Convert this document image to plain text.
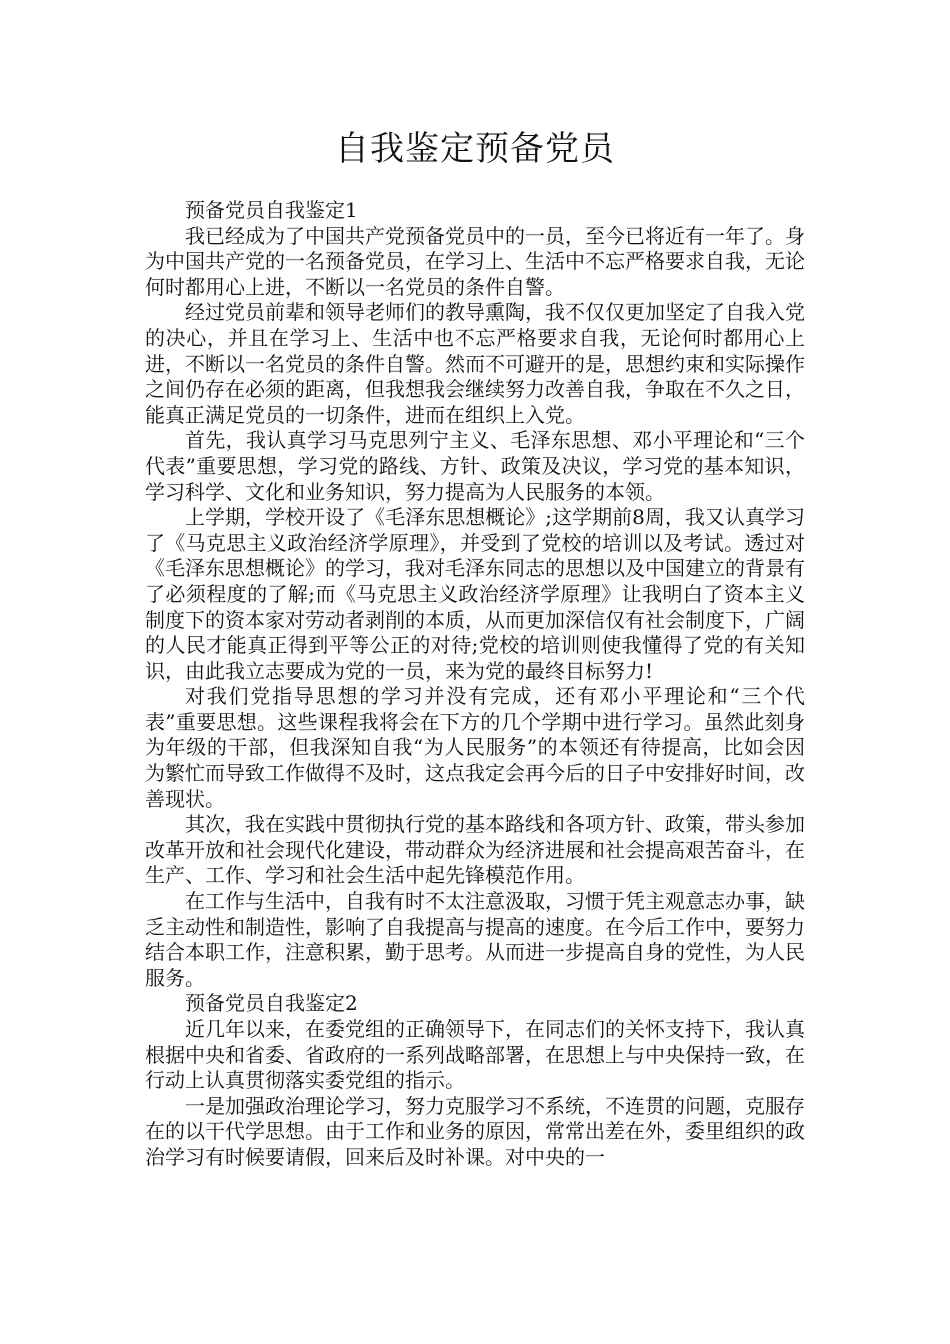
自我鉴定预备党员

预备党员自我鉴定1

我已经成为了中国共产党预备党员中的一员，至今已将近有一年了。身为中国共产党的一名预备党员，在学习上、生活中不忘严格要求自我，无论何时都用心上进，不断以一名党员的条件自警。

经过党员前辈和领导老师们的教导熏陶，我不仅仅更加坚定了自我入党的决心，并且在学习上、生活中也不忘严格要求自我，无论何时都用心上进，不断以一名党员的条件自警。然而不可避开的是，思想约束和实际操作之间仍存在必须的距离，但我想我会继续努力改善自我，争取在不久之日，能真正满足党员的一切条件，进而在组织上入党。

首先，我认真学习马克思列宁主义、毛泽东思想、邓小平理论和“三个代表”重要思想，学习党的路线、方针、政策及决议，学习党的基本知识，学习科学、文化和业务知识，努力提高为人民服务的本领。

上学期，学校开设了《毛泽东思想概论》;这学期前8周，我又认真学习了《马克思主义政治经济学原理》，并受到了党校的培训以及考试。透过对《毛泽东思想概论》的学习，我对毛泽东同志的思想以及中国建立的背景有了必须程度的了解;而《马克思主义政治经济学原理》让我明白了资本主义制度下的资本家对劳动者剥削的本质，从而更加深信仅有社会制度下，广阔的人民才能真正得到平等公正的对待;党校的培训则使我懂得了党的有关知识，由此我立志要成为党的一员，来为党的最终目标努力!

对我们党指导思想的学习并没有完成，还有邓小平理论和“三个代表”重要思想。这些课程我将会在下方的几个学期中进行学习。虽然此刻身为年级的干部，但我深知自我“为人民服务”的本领还有待提高，比如会因为繁忙而导致工作做得不及时，这点我定会再今后的日子中安排好时间，改善现状。

其次，我在实践中贯彻执行党的基本路线和各项方针、政策，带头参加改革开放和社会现代化建设，带动群众为经济进展和社会提高艰苦奋斗，在生产、工作、学习和社会生活中起先锋模范作用。

在工作与生活中，自我有时不太注意汲取，习惯于凭主观意志办事，缺乏主动性和制造性，影响了自我提高与提高的速度。在今后工作中，要努力结合本职工作，注意积累，勤于思考。从而进一步提高自身的党性，为人民服务。

预备党员自我鉴定2

近几年以来，在委党组的正确领导下，在同志们的关怀支持下，我认真根据中央和省委、省政府的一系列战略部署，在思想上与中央保持一致，在行动上认真贯彻落实委党组的指示。

一是加强政治理论学习，努力克服学习不系统，不连贯的问题，克服存在的以干代学思想。由于工作和业务的原因，常常出差在外，委里组织的政治学习有时候要请假，回来后及时补课。对中央的一
